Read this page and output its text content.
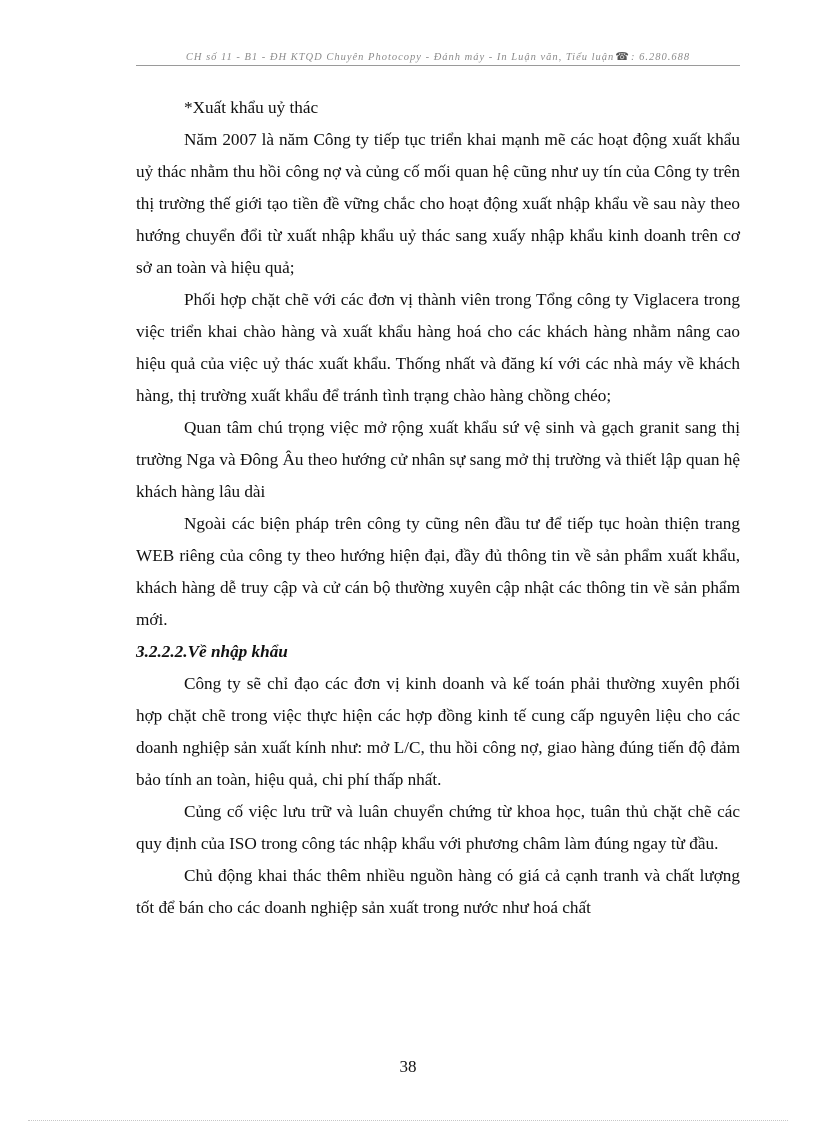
CH số 11 - B1 - ĐH KTQD Chuyên Photocopy - Đánh máy - In Luận văn, Tiểu luận☎: 6.280.688

*Xuất khẩu uỷ thác

Năm 2007 là năm Công ty tiếp tục triển khai mạnh mẽ các hoạt động xuất khẩu uỷ thác nhằm thu hồi công nợ và củng cố mối quan hệ cũng như uy tín của Công ty trên thị trường thế giới tạo tiền đề vững chắc cho hoạt động xuất nhập khẩu về sau này theo hướng chuyển đổi từ xuất nhập khẩu uỷ thác sang xuấy nhập khẩu kinh doanh trên cơ sở an toàn và hiệu quả;

Phối hợp chặt chẽ với các đơn vị thành viên trong Tổng công ty Viglacera trong việc triển khai chào hàng và xuất khẩu hàng hoá cho các khách hàng nhằm nâng cao hiệu quả của việc uỷ thác xuất khẩu. Thống nhất và đăng kí với các nhà máy về khách hàng, thị trường xuất khẩu để tránh tình trạng chào hàng chồng chéo;

Quan tâm chú trọng việc mở rộng xuất khẩu sứ vệ sinh và gạch granit sang thị trường Nga và Đông Âu theo hướng cử nhân sự sang mở thị trường và thiết lập quan hệ khách hàng lâu dài

Ngoài các biện pháp trên công ty cũng nên đầu tư để tiếp tục hoàn thiện trang WEB riêng của công ty theo hướng hiện đại, đầy đủ thông tin về sản phẩm xuất khẩu, khách hàng dễ truy cập và cử cán bộ thường xuyên cập nhật các thông tin về sản phẩm mới.

3.2.2.2.Về nhập khẩu

Công ty sẽ chỉ đạo các đơn vị kinh doanh và kế toán phải thường xuyên phối hợp chặt chẽ trong việc thực hiện các hợp đồng kinh tế cung cấp nguyên liệu cho các doanh nghiệp sản xuất kính như: mở L/C, thu hồi công nợ, giao hàng đúng tiến độ đảm bảo tính an toàn, hiệu quả, chi phí thấp nhất.

Củng cố việc lưu trữ và luân chuyển chứng từ khoa học, tuân thủ chặt chẽ các quy định của ISO trong công tác nhập khẩu với phương châm làm đúng ngay từ đầu.

Chủ động khai thác thêm nhiều nguồn hàng có giá cả cạnh tranh và chất lượng tốt để bán cho các doanh nghiệp sản xuất trong nước như hoá chất

38
